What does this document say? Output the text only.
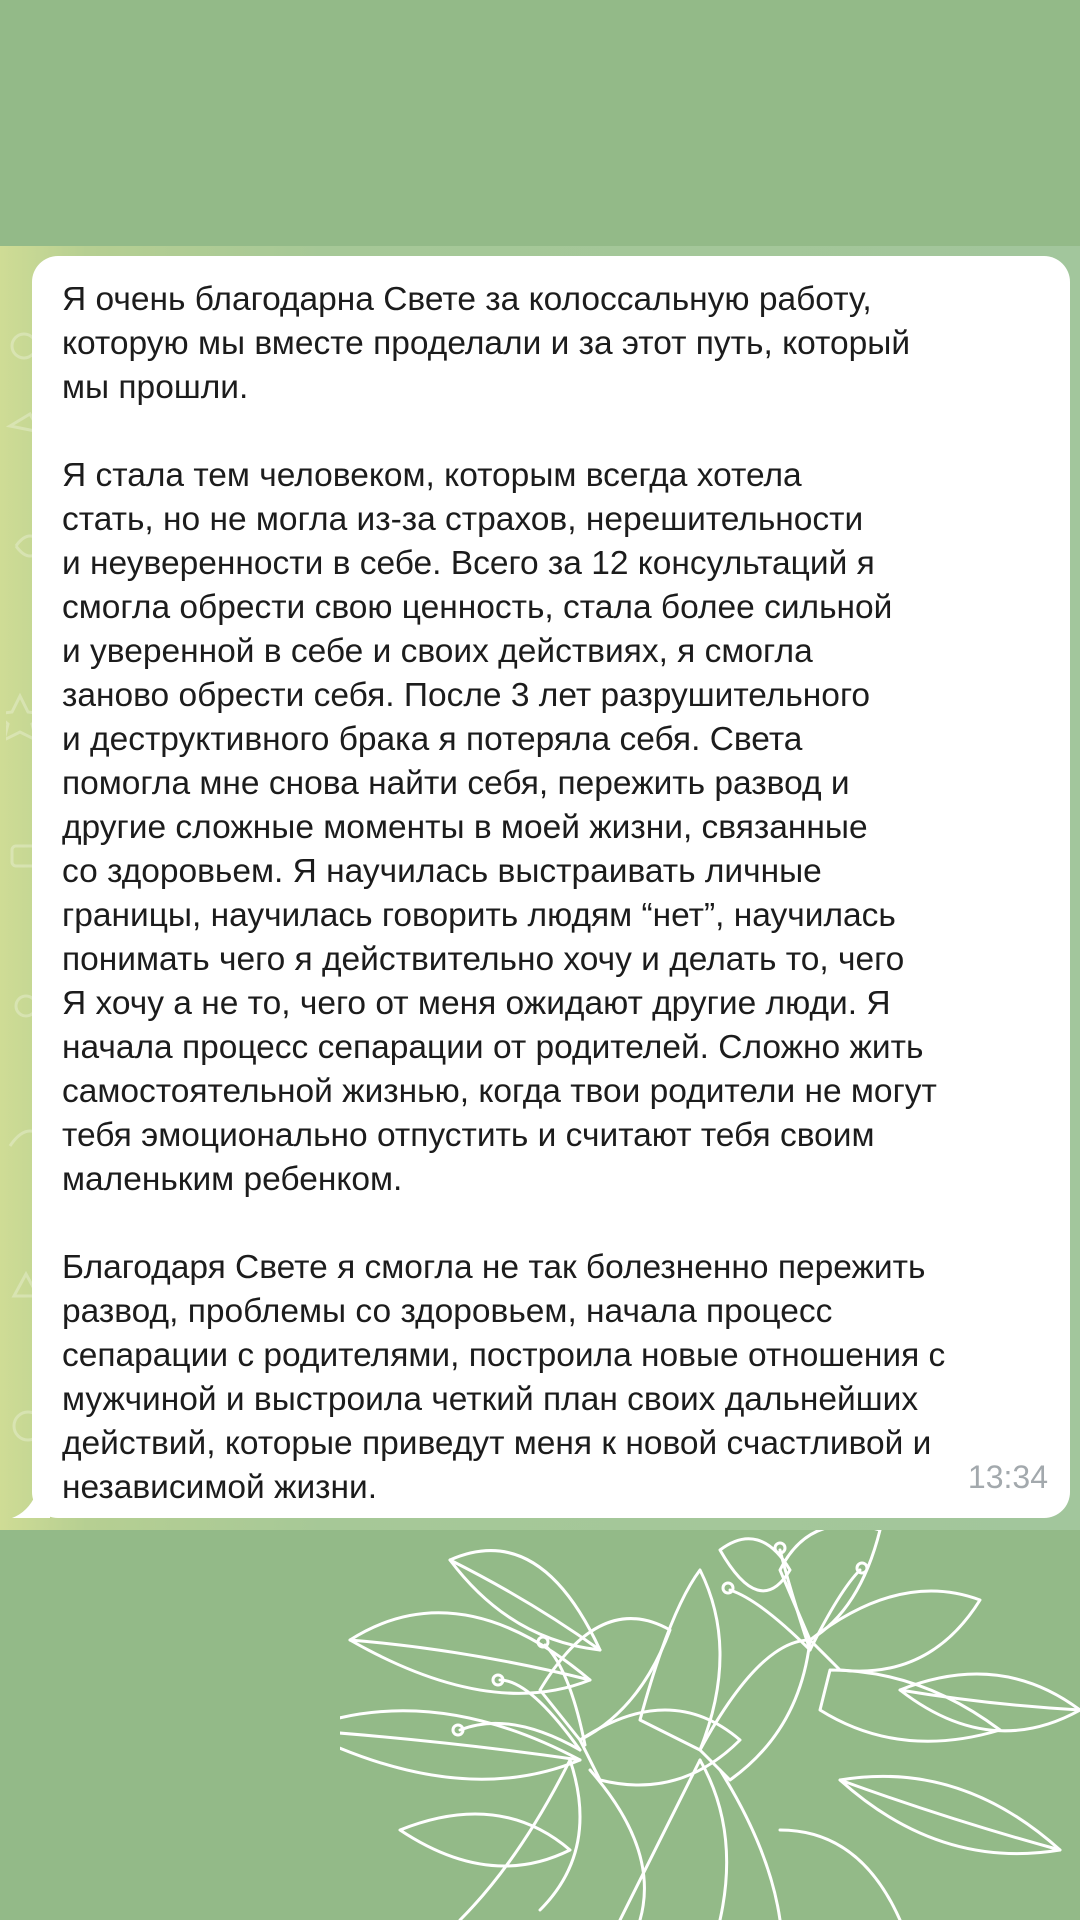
Я очень благодарна Свете за колоссальную работу,
которую мы вместе проделали и за этот путь, который
мы прошли.

Я стала тем человеком, которым всегда хотела
стать, но не могла из-за страхов, нерешительности
и неуверенности в себе. Всего за 12 консультаций я
смогла обрести свою ценность, стала более сильной
и уверенной в себе и своих действиях, я смогла
заново обрести себя. После 3 лет разрушительного
и деструктивного брака я потеряла себя. Света
помогла мне снова найти себя, пережить развод и
другие сложные моменты в моей жизни, связанные
со здоровьем. Я научилась выстраивать личные
границы, научилась говорить людям “нет”, научилась
понимать чего я действительно хочу и делать то, чего
Я хочу а не то, чего от меня ожидают другие люди. Я
начала процесс сепарации от родителей. Сложно жить
самостоятельной жизнью, когда твои родители не могут
тебя эмоционально отпустить и считают тебя своим
маленьким ребенком.

Благодаря Свете я смогла не так болезненно пережить
развод, проблемы со здоровьем, начала процесс
сепарации с родителями, построила новые отношения с
мужчиной и выстроила четкий план своих дальнейших
действий, которые приведут меня к новой счастливой и
независимой жизни.	13:34
